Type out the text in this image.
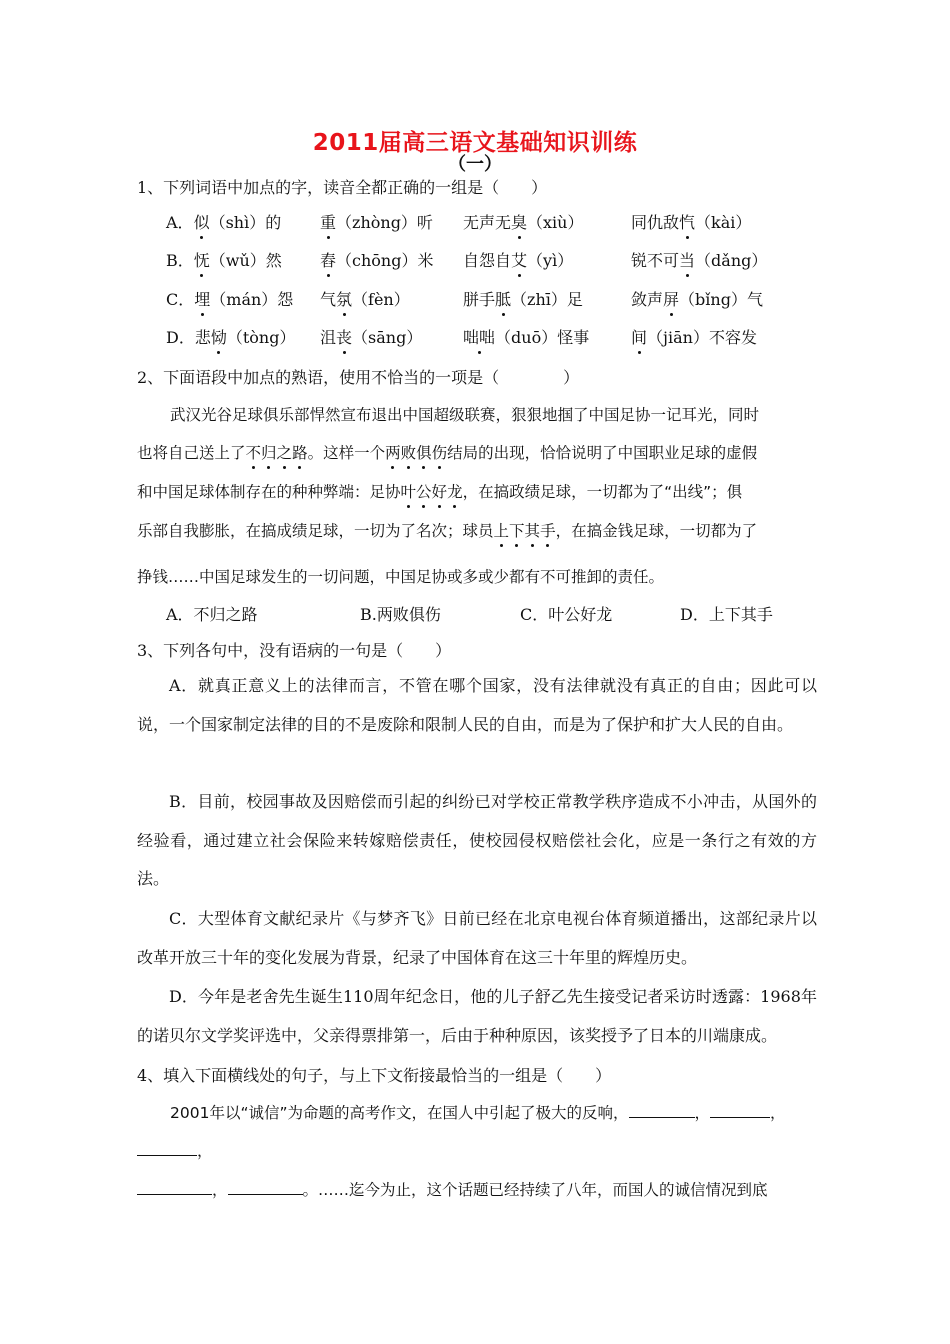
2011届高三语文基础知识训练
（一）
1、下列词语中加点的字，读音全都正确的一组是（　　）
A．似（shì）的 重（zhòng）听 无声无臭（xiù）	同仇敌忾（kài）
B．怃（wǔ）然 舂（chōng）米 自怨自艾（yì）	锐不可当（dǎng）
C．埋（mán）怨 气氛（fèn）	胼手胝（zhī）足	敛声屏（bǐng）气
D．悲恸（tòng） 沮丧（sāng）	咄咄（duō）怪事	间（jiān）不容发
2、下面语段中加点的熟语，使用不恰当的一项是（　　　　）
武汉光谷足球俱乐部悍然宣布退出中国超级联赛，狠狠地掴了中国足协一记耳光，同时
也将自己送上了不归之路。这样一个两败俱伤结局的出现，恰恰说明了中国职业足球的虚假
和中国足球体制存在的种种弊端：足协叶公好龙，在搞政绩足球，一切都为了“出线”；俱
乐部自我膨胀，在搞成绩足球，一切为了名次；球员上下其手，在搞金钱足球，一切都为了
挣钱……中国足球发生的一切问题，中国足协或多或少都有不可推卸的责任。
A．不归之路	B.两败俱伤	C．叶公好龙	D．上下其手
3、下列各句中，没有语病的一句是（　　）

A．就真正意义上的法律而言，不管在哪个国家，没有法律就没有真正的自由；因此可以说，一个国家制定法律的目的不是废除和限制人民的自由，而是为了保护和扩大人民的自由。

B．目前，校园事故及因赔偿而引起的纠纷已对学校正常教学秩序造成不小冲击，从国外的经验看，通过建立社会保险来转嫁赔偿责任，使校园侵权赔偿社会化，应是一条行之有效的方法。

C．大型体育文献纪录片《与梦齐飞》日前已经在北京电视台体育频道播出，这部纪录片以改革开放三十年的变化发展为背景，纪录了中国体育在这三十年里的辉煌历史。

D．今年是老舍先生诞生110周年纪念日，他的儿子舒乙先生接受记者采访时透露：1968年的诺贝尔文学奖评选中，父亲得票排第一，后由于种种原因，该奖授予了日本的川端康成。

4、填入下面横线处的句子，与上下文衔接最恰当的一组是（　　）
2001年以“诚信”为命题的高考作文，在国人中引起了极大的反响，	，	，
，
，	。……迄今为止，这个话题已经持续了八年，而国人的诚信情况到底
